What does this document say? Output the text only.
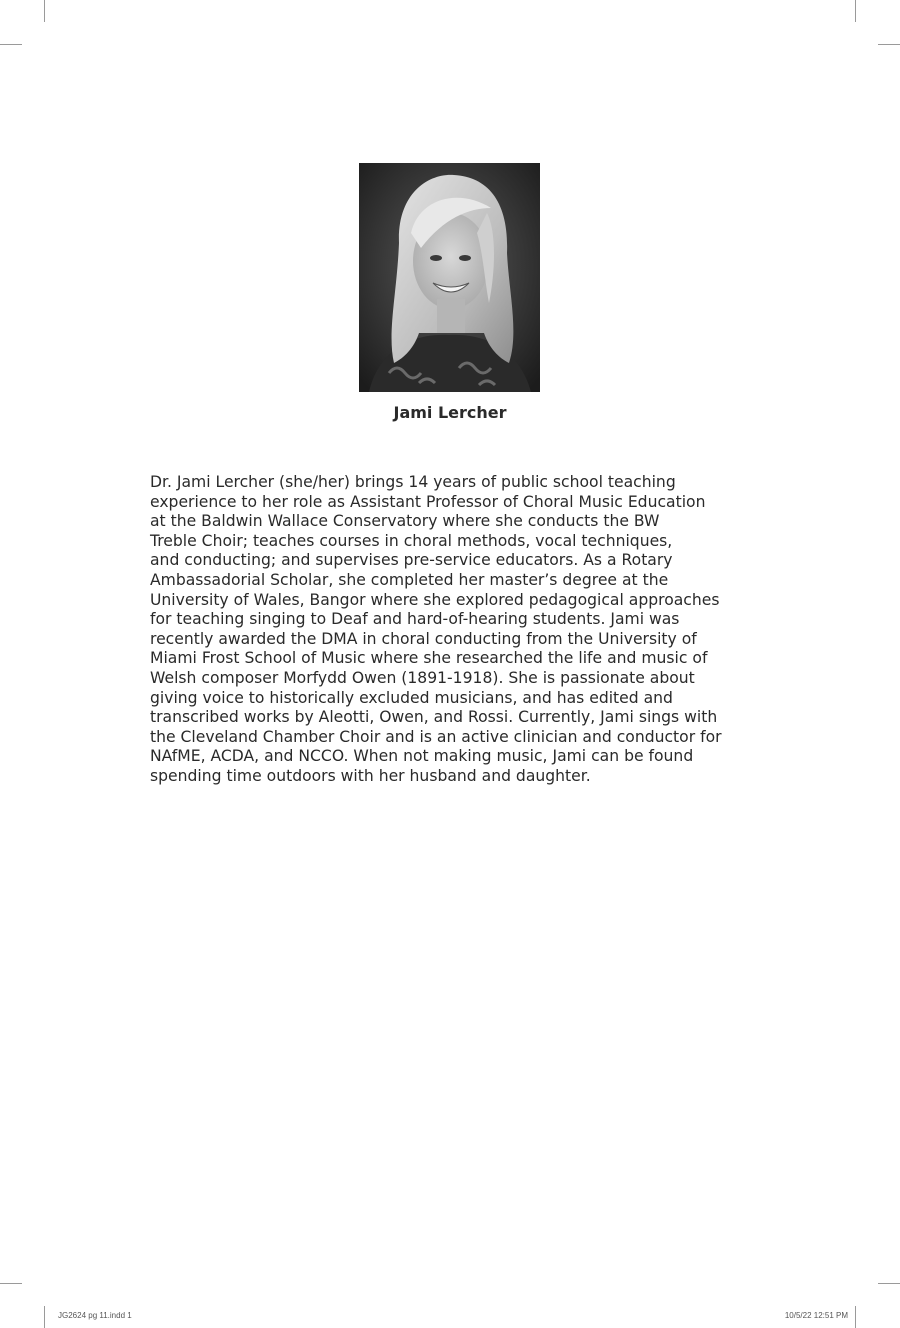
Jami Lercher
Dr. Jami Lercher (she/her) brings 14 years of public school teaching
experience to her role as Assistant Professor of Choral Music Education
at the Baldwin Wallace Conservatory where she conducts the BW
Treble Choir; teaches courses in choral methods, vocal techniques,
and conducting; and supervises pre-service educators. As a Rotary
Ambassadorial Scholar, she completed her master’s degree at the
University of Wales, Bangor where she explored pedagogical approaches
for teaching singing to Deaf and hard-of-hearing students. Jami was
recently awarded the DMA in choral conducting from the University of
Miami Frost School of Music where she researched the life and music of
Welsh composer Morfydd Owen (1891-1918). She is passionate about
giving voice to historically excluded musicians, and has edited and
transcribed works by Aleotti, Owen, and Rossi. Currently, Jami sings with
the Cleveland Chamber Choir and is an active clinician and conductor for
NAfME, ACDA, and NCCO. When not making music, Jami can be found
spending time outdoors with her husband and daughter.
JG2624 pg 11.indd 1	10/5/22 12:51 PM
